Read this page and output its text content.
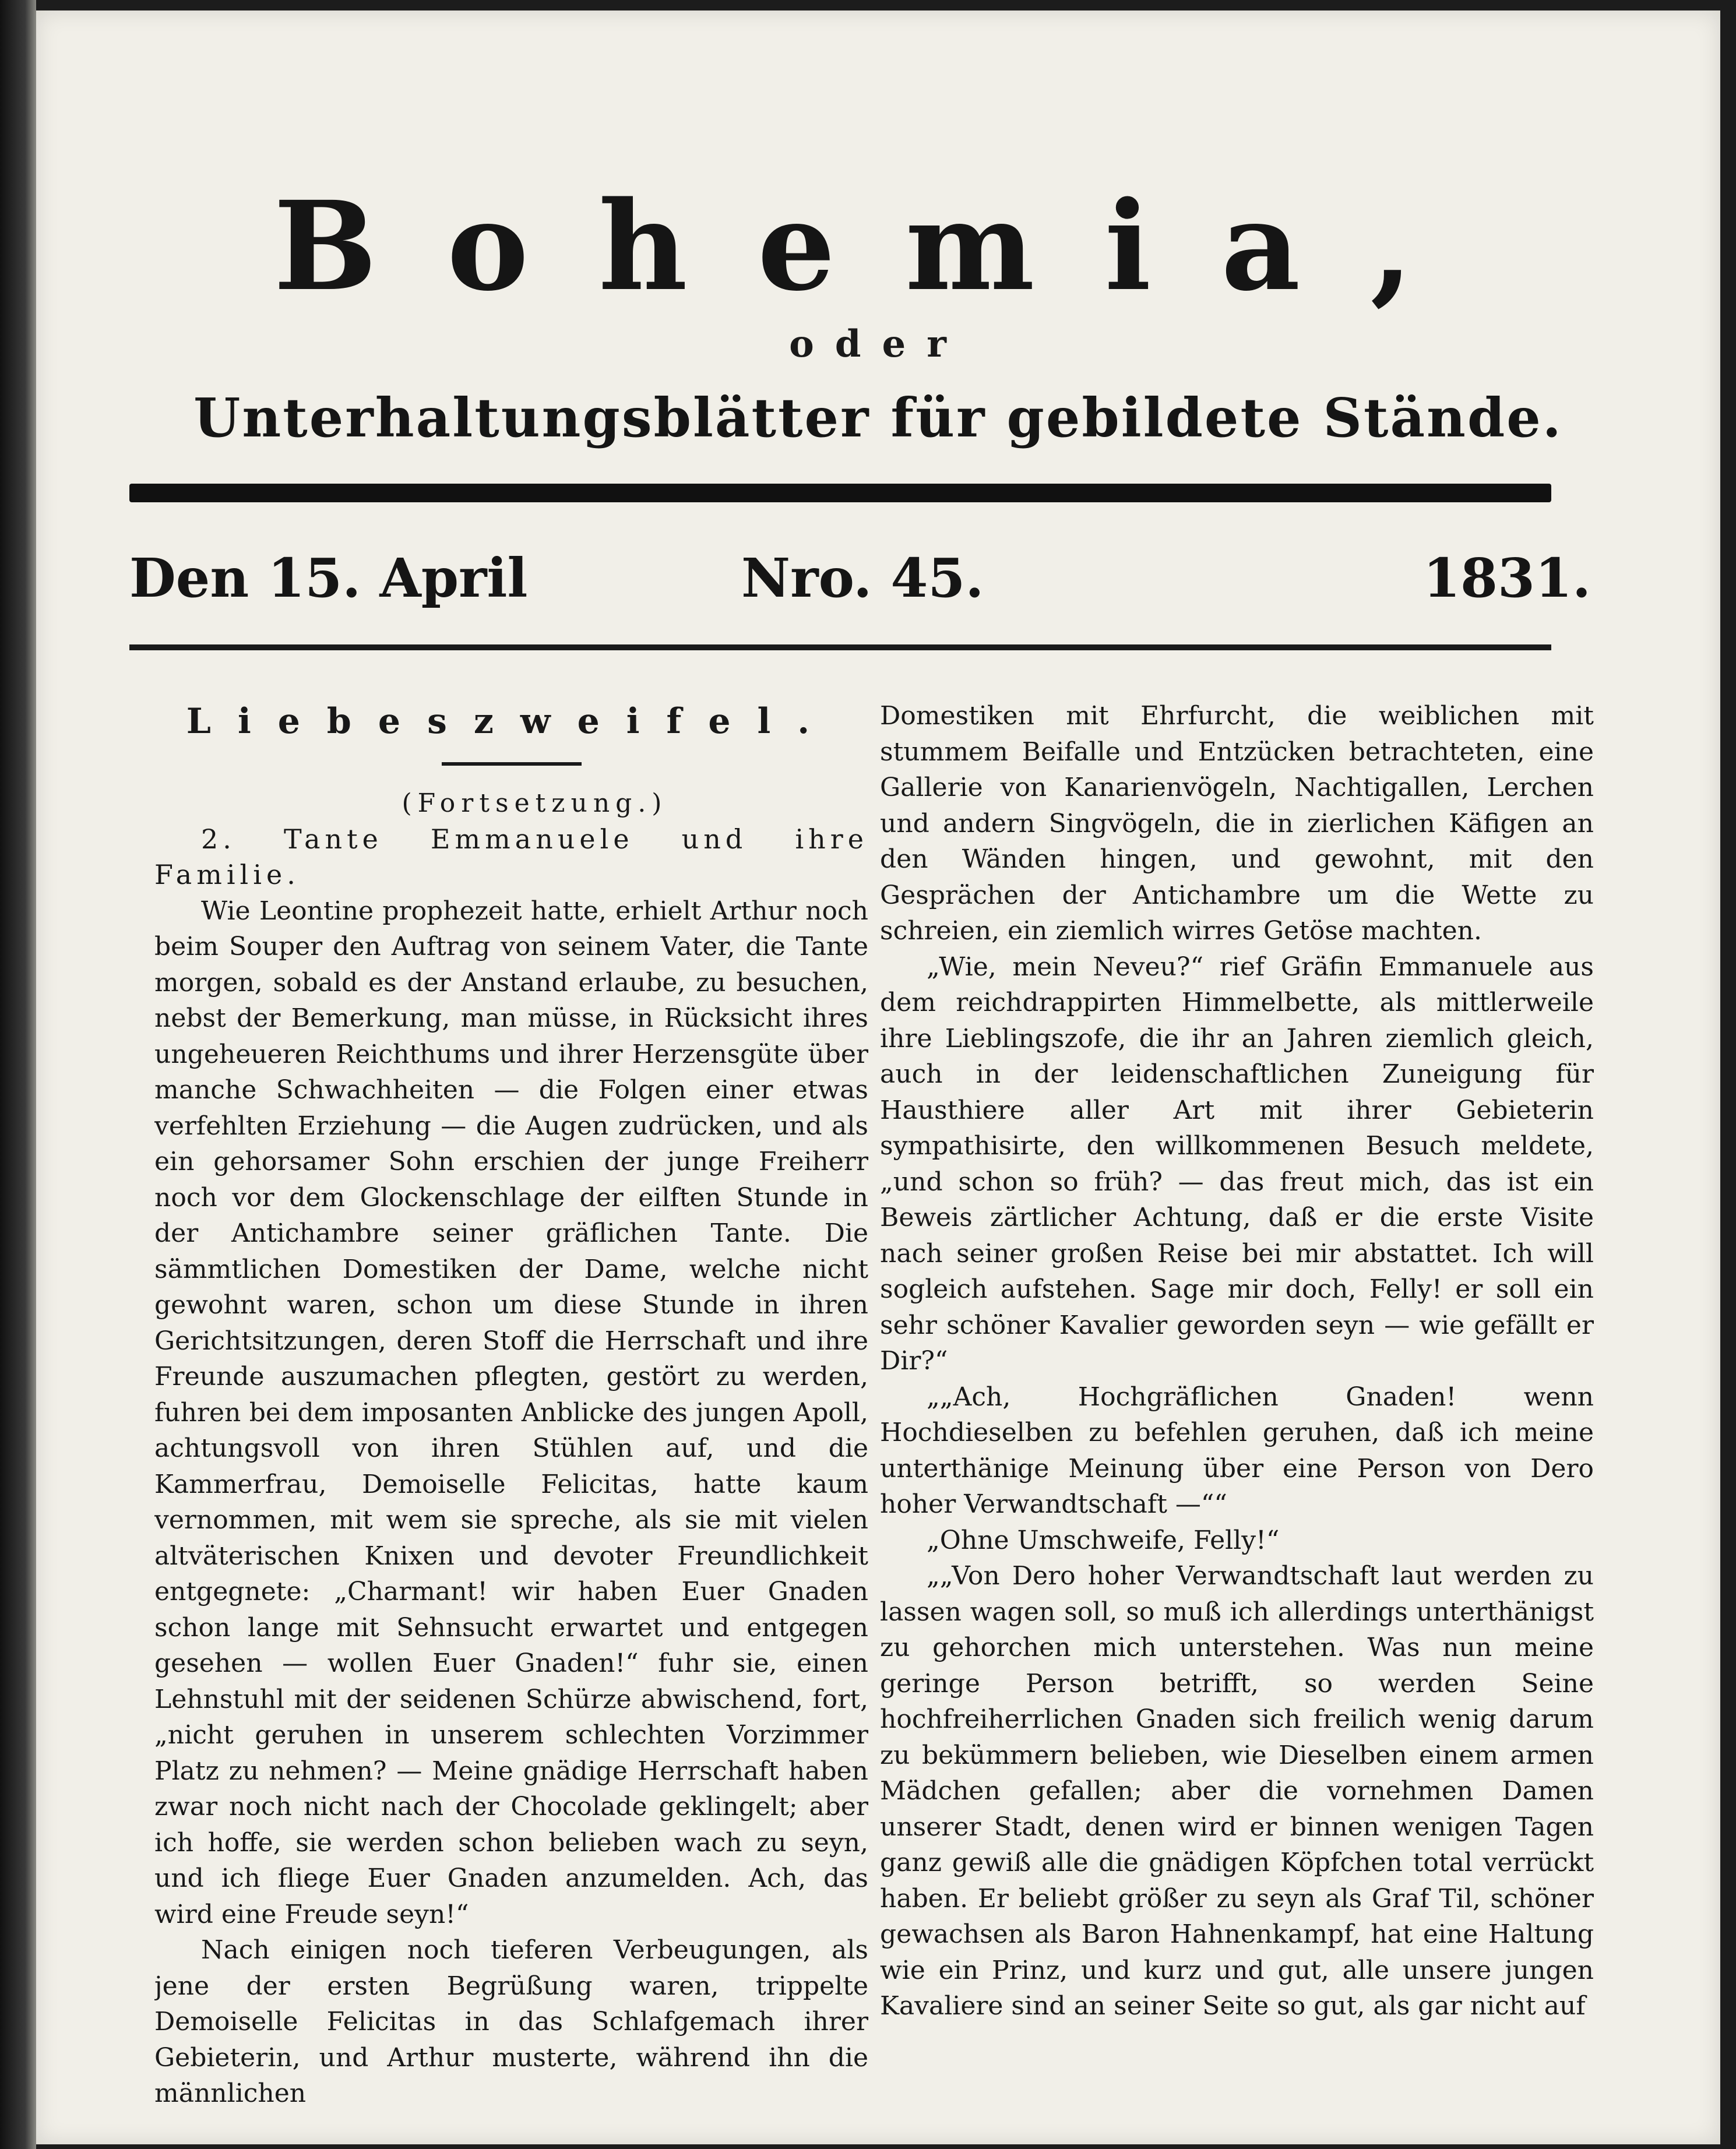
Bohemia,
oder
Unterhaltungsblätter für gebildete Stände.
Den 15. April	Nro. 45.	1831.
Liebeszweifel.

(Fortsetzung.)

2. Tante Emmanuele und ihre Familie.

Wie Leontine prophezeit hatte, erhielt Arthur noch beim Souper den Auftrag von seinem Vater, die Tante morgen, sobald es der Anstand erlaube, zu besuchen, nebst der Bemerkung, man müsse, in Rücksicht ihres ungeheueren Reichthums und ihrer Herzensgüte über manche Schwachheiten — die Folgen einer etwas verfehlten Erziehung — die Augen zudrücken, und als ein gehorsamer Sohn erschien der junge Freiherr noch vor dem Glockenschlage der eilften Stunde in der Antichambre seiner gräflichen Tante. Die sämmtlichen Domestiken der Dame, welche nicht gewohnt waren, schon um diese Stunde in ihren Gerichtsitzungen, deren Stoff die Herrschaft und ihre Freunde auszumachen pflegten, gestört zu werden, fuhren bei dem imposanten Anblicke des jungen Apoll, achtungsvoll von ihren Stühlen auf, und die Kammerfrau, Demoiselle Felicitas, hatte kaum vernommen, mit wem sie spreche, als sie mit vielen altväterischen Knixen und devoter Freundlichkeit entgegnete: „Charmant! wir haben Euer Gnaden schon lange mit Sehnsucht erwartet und entgegen gesehen — wollen Euer Gnaden!“ fuhr sie, einen Lehnstuhl mit der seidenen Schürze abwischend, fort, „nicht geruhen in unserem schlechten Vorzimmer Platz zu nehmen? — Meine gnädige Herrschaft haben zwar noch nicht nach der Chocolade geklingelt; aber ich hoffe, sie werden schon belieben wach zu seyn, und ich fliege Euer Gnaden anzumelden. Ach, das wird eine Freude seyn!“

Nach einigen noch tieferen Verbeugungen, als jene der ersten Begrüßung waren, trippelte Demoiselle Felicitas in das Schlafgemach ihrer Gebieterin, und Arthur musterte, während ihn die männlichen

Domestiken mit Ehrfurcht, die weiblichen mit stummem Beifalle und Entzücken betrachteten, eine Gallerie von Kanarienvögeln, Nachtigallen, Lerchen und andern Singvögeln, die in zierlichen Käfigen an den Wänden hingen, und gewohnt, mit den Gesprächen der Antichambre um die Wette zu schreien, ein ziemlich wirres Getöse machten.

„Wie, mein Neveu?“ rief Gräfin Emmanuele aus dem reichdrappirten Himmelbette, als mittlerweile ihre Lieblingszofe, die ihr an Jahren ziemlich gleich, auch in der leidenschaftlichen Zuneigung für Hausthiere aller Art mit ihrer Gebieterin sympathisirte, den willkommenen Besuch meldete, „und schon so früh? — das freut mich, das ist ein Beweis zärtlicher Achtung, daß er die erste Visite nach seiner großen Reise bei mir abstattet. Ich will sogleich aufstehen. Sage mir doch, Felly! er soll ein sehr schöner Kavalier geworden seyn — wie gefällt er Dir?“

„„Ach, Hochgräflichen Gnaden! wenn Hochdieselben zu befehlen geruhen, daß ich meine unterthänige Meinung über eine Person von Dero hoher Verwandtschaft —““

„Ohne Umschweife, Felly!“

„„Von Dero hoher Verwandtschaft laut werden zu lassen wagen soll, so muß ich allerdings unterthänigst zu gehorchen mich unterstehen. Was nun meine geringe Person betrifft, so werden Seine hochfreiherrlichen Gnaden sich freilich wenig darum zu bekümmern belieben, wie Dieselben einem armen Mädchen gefallen; aber die vornehmen Damen unserer Stadt, denen wird er binnen wenigen Tagen ganz gewiß alle die gnädigen Köpfchen total verrückt haben. Er beliebt größer zu seyn als Graf Til, schöner gewachsen als Baron Hahnenkampf, hat eine Haltung wie ein Prinz, und kurz und gut, alle unsere jungen Kavaliere sind an seiner Seite so gut, als gar nicht auf
